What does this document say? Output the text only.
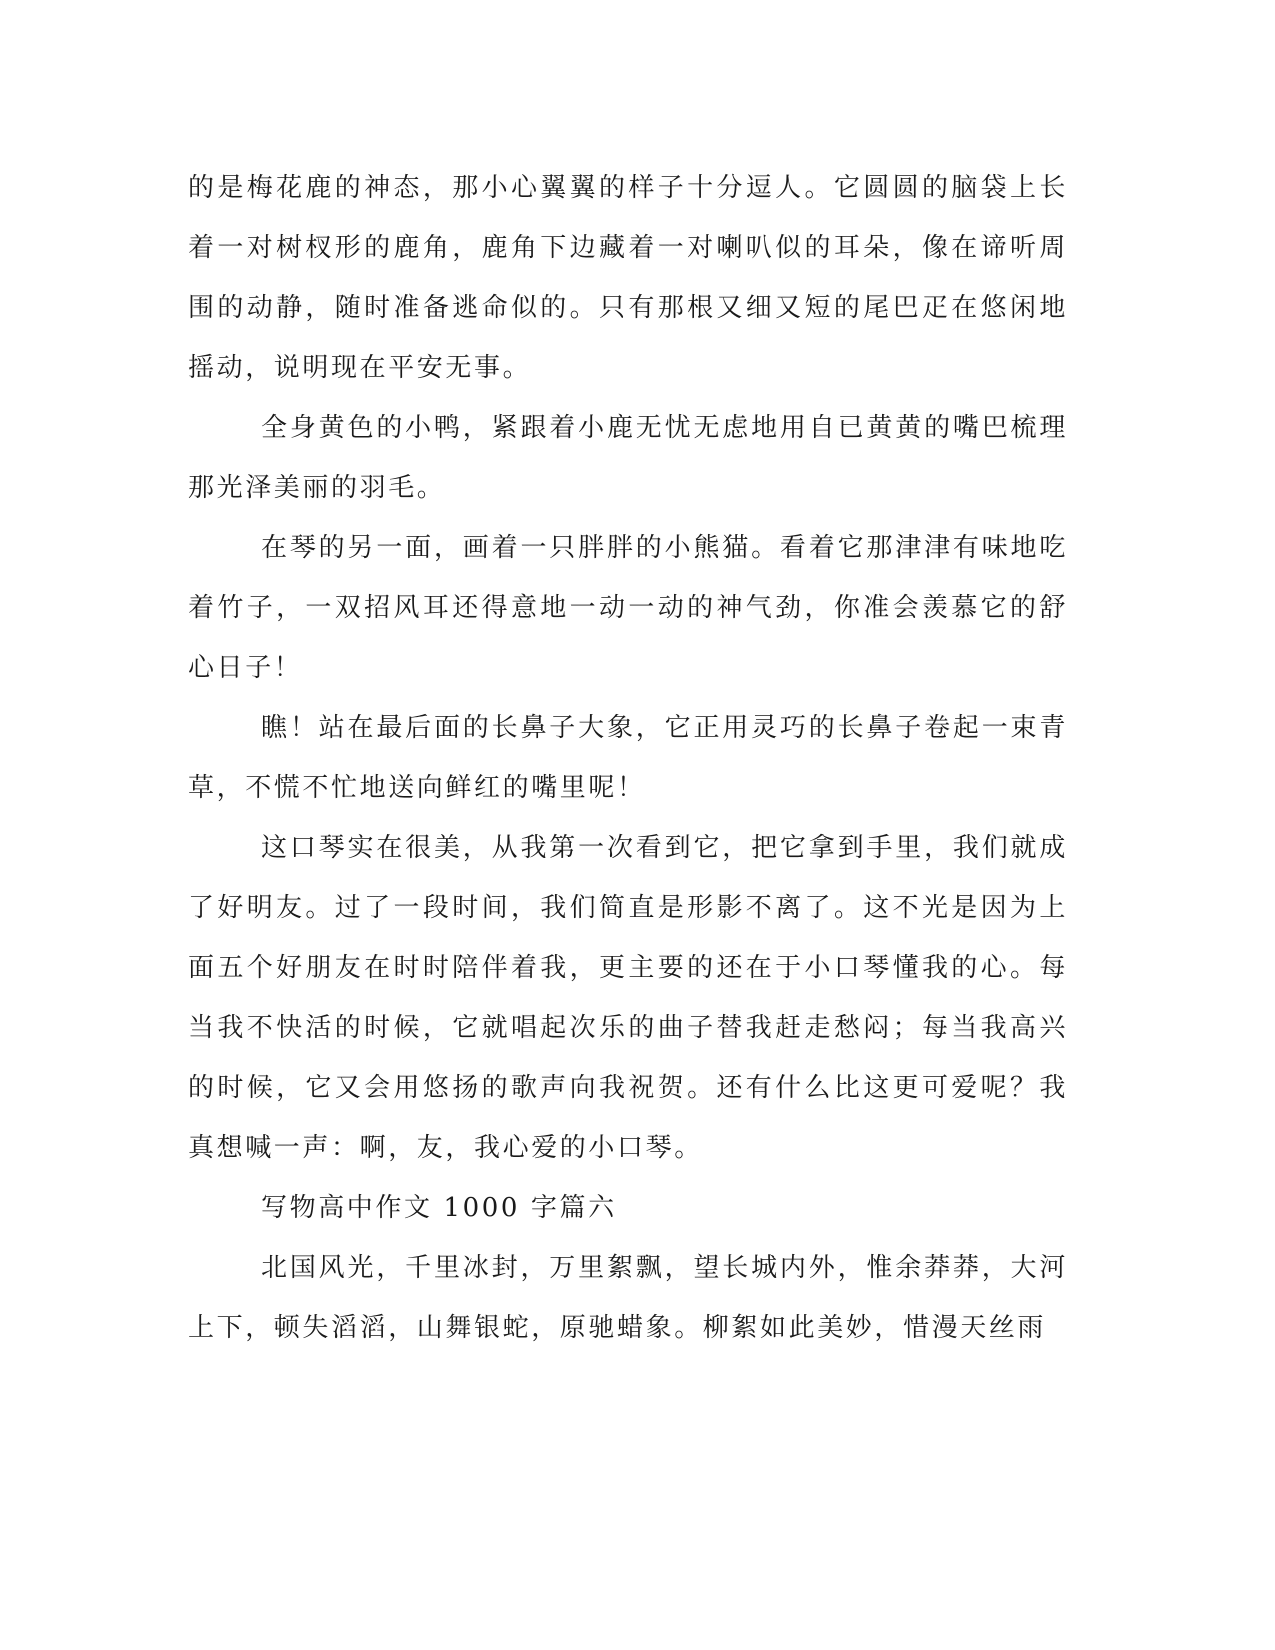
的是梅花鹿的神态，那小心翼翼的样子十分逗人。它圆圆的脑袋上长着一对树杈形的鹿角，鹿角下边藏着一对喇叭似的耳朵，像在谛听周围的动静，随时准备逃命似的。只有那根又细又短的尾巴疋在悠闲地摇动，说明现在平安无事。

全身黄色的小鸭，紧跟着小鹿无忧无虑地用自已黄黄的嘴巴梳理那光泽美丽的羽毛。

在琴的另一面，画着一只胖胖的小熊猫。看着它那津津有味地吃着竹子，一双招风耳还得意地一动一动的神气劲，你准会羡慕它的舒心日子！

瞧！站在最后面的长鼻子大象，它正用灵巧的长鼻子卷起一束青草，不慌不忙地送向鲜红的嘴里呢！

这口琴实在很美，从我第一次看到它，把它拿到手里，我们就成了好明友。过了一段时间，我们简直是形影不离了。这不光是因为上面五个好朋友在时时陪伴着我，更主要的还在于小口琴懂我的心。每当我不快活的时候，它就唱起次乐的曲子替我赶走愁闷；每当我高兴的时候，它又会用悠扬的歌声向我祝贺。还有什么比这更可爱呢？我真想喊一声：啊，友，我心爱的小口琴。

写物高中作文 1000 字篇六

北国风光，千里冰封，万里絮飘，望长城内外，惟余莽莽，大河上下，顿失滔滔，山舞银蛇，原驰蜡象。柳絮如此美妙，惜漫天丝雨
